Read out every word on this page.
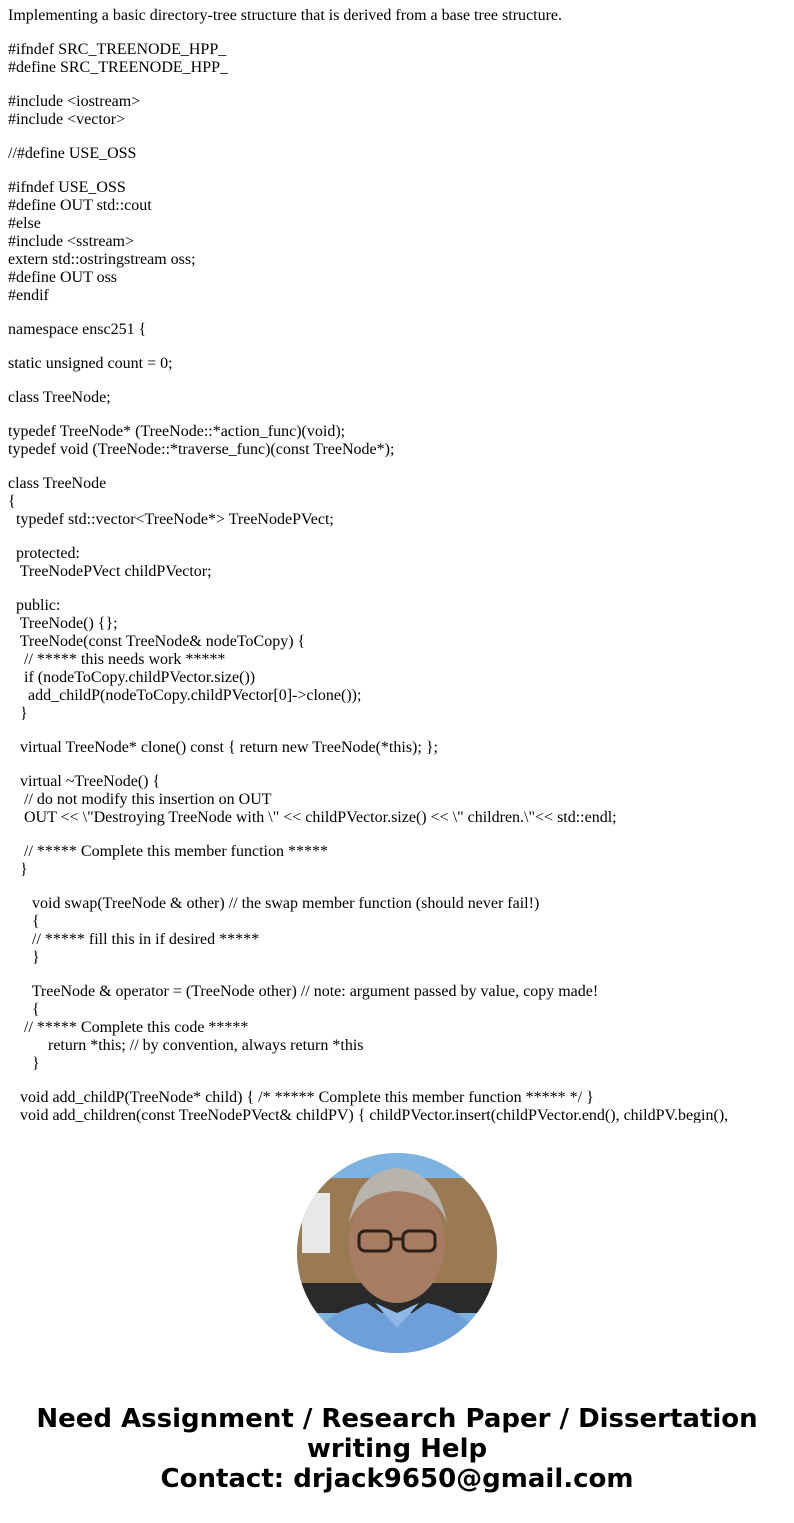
Implementing a basic directory-tree structure that is derived from a base tree structure.

#ifndef SRC_TREENODE_HPP_
#define SRC_TREENODE_HPP_

#include <iostream>
#include <vector>

//#define USE_OSS

#ifndef USE_OSS
#define OUT std::cout
#else
#include <sstream>
extern std::ostringstream oss;
#define OUT oss
#endif

namespace ensc251 {

static unsigned count = 0;

class TreeNode;

typedef TreeNode* (TreeNode::*action_func)(void);
typedef void (TreeNode::*traverse_func)(const TreeNode*);

class TreeNode
{
typedef std::vector<TreeNode*> TreeNodePVect;

protected:
TreeNodePVect childPVector;

public:
TreeNode() {};
TreeNode(const TreeNode& nodeToCopy) {
// ***** this needs work *****
if (nodeToCopy.childPVector.size())
add_childP(nodeToCopy.childPVector[0]->clone());
}

virtual TreeNode* clone() const { return new TreeNode(*this); };

virtual ~TreeNode() {
// do not modify this insertion on OUT
OUT << \"Destroying TreeNode with \" << childPVector.size() << \" children.\"<< std::endl;

// ***** Complete this member function *****
}

void swap(TreeNode & other) // the swap member function (should never fail!)
{
// ***** fill this in if desired *****
}

TreeNode & operator = (TreeNode other) // note: argument passed by value, copy made!
{
// ***** Complete this code *****
return *this; // by convention, always return *this
}

void add_childP(TreeNode* child) { /* ***** Complete this member function ***** */ }
void add_children(const TreeNodePVect& childPV) { childPVector.insert(childPVector.end(), childPV.begin(),

Need Assignment / Research Paper / Dissertation
writing Help
Contact: drjack9650@gmail.com
